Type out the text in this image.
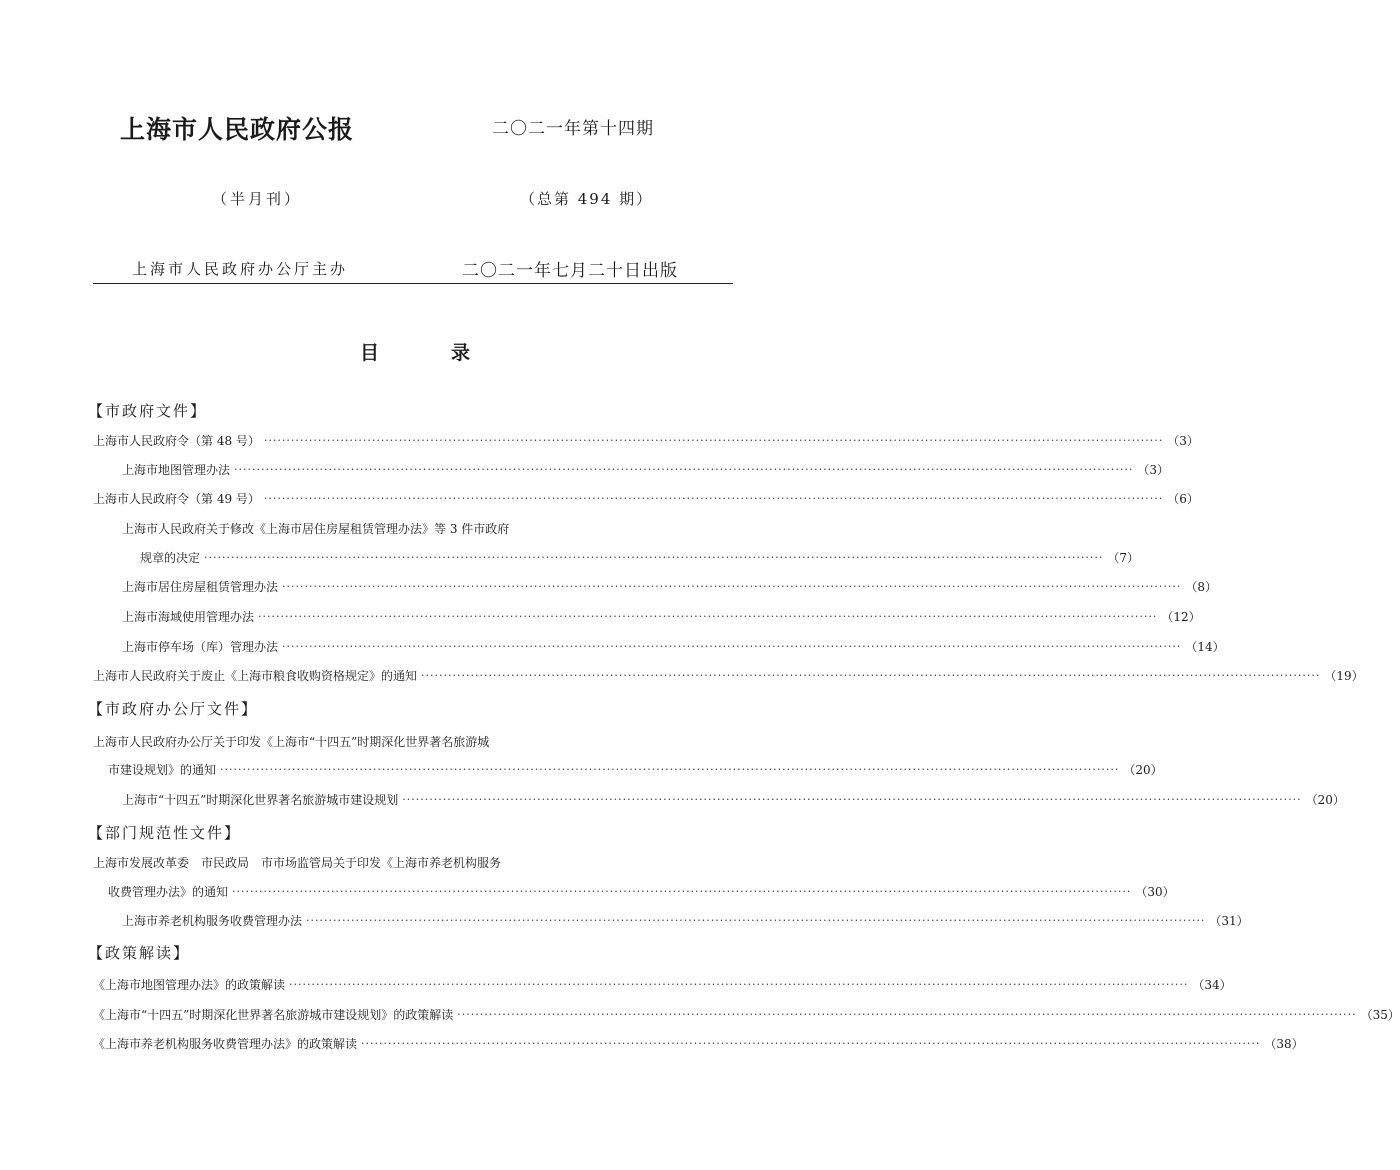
上海市人民政府公报	二〇二一年第十四期
（半月刊）	（总第 494 期）
上海市人民政府办公厅主办	二〇二一年七月二十日出版
目	录
【市政府文件】
上海市人民政府令（第 48 号） ········································································································································································································ （3）
上海市地图管理办法 ········································································································································································································ （3）
上海市人民政府令（第 49 号） ········································································································································································································ （6）
上海市人民政府关于修改《上海市居住房屋租赁管理办法》等 3 件市政府
规章的决定 ········································································································································································································ （7）
上海市居住房屋租赁管理办法 ········································································································································································································ （8）
上海市海域使用管理办法 ········································································································································································································ （12）
上海市停车场（库）管理办法 ········································································································································································································ （14）
上海市人民政府关于废止《上海市粮食收购资格规定》的通知 ········································································································································································································ （19）
【市政府办公厅文件】
上海市人民政府办公厅关于印发《上海市“十四五”时期深化世界著名旅游城
市建设规划》的通知 ········································································································································································································ （20）
上海市“十四五”时期深化世界著名旅游城市建设规划 ········································································································································································································ （20）
【部门规范性文件】
上海市发展改革委　市民政局　市市场监管局关于印发《上海市养老机构服务
收费管理办法》的通知 ········································································································································································································ （30）
上海市养老机构服务收费管理办法 ········································································································································································································ （31）
【政策解读】
《上海市地图管理办法》的政策解读 ········································································································································································································ （34）
《上海市“十四五”时期深化世界著名旅游城市建设规划》的政策解读 ········································································································································································································ （35）
《上海市养老机构服务收费管理办法》的政策解读 ········································································································································································································ （38）
